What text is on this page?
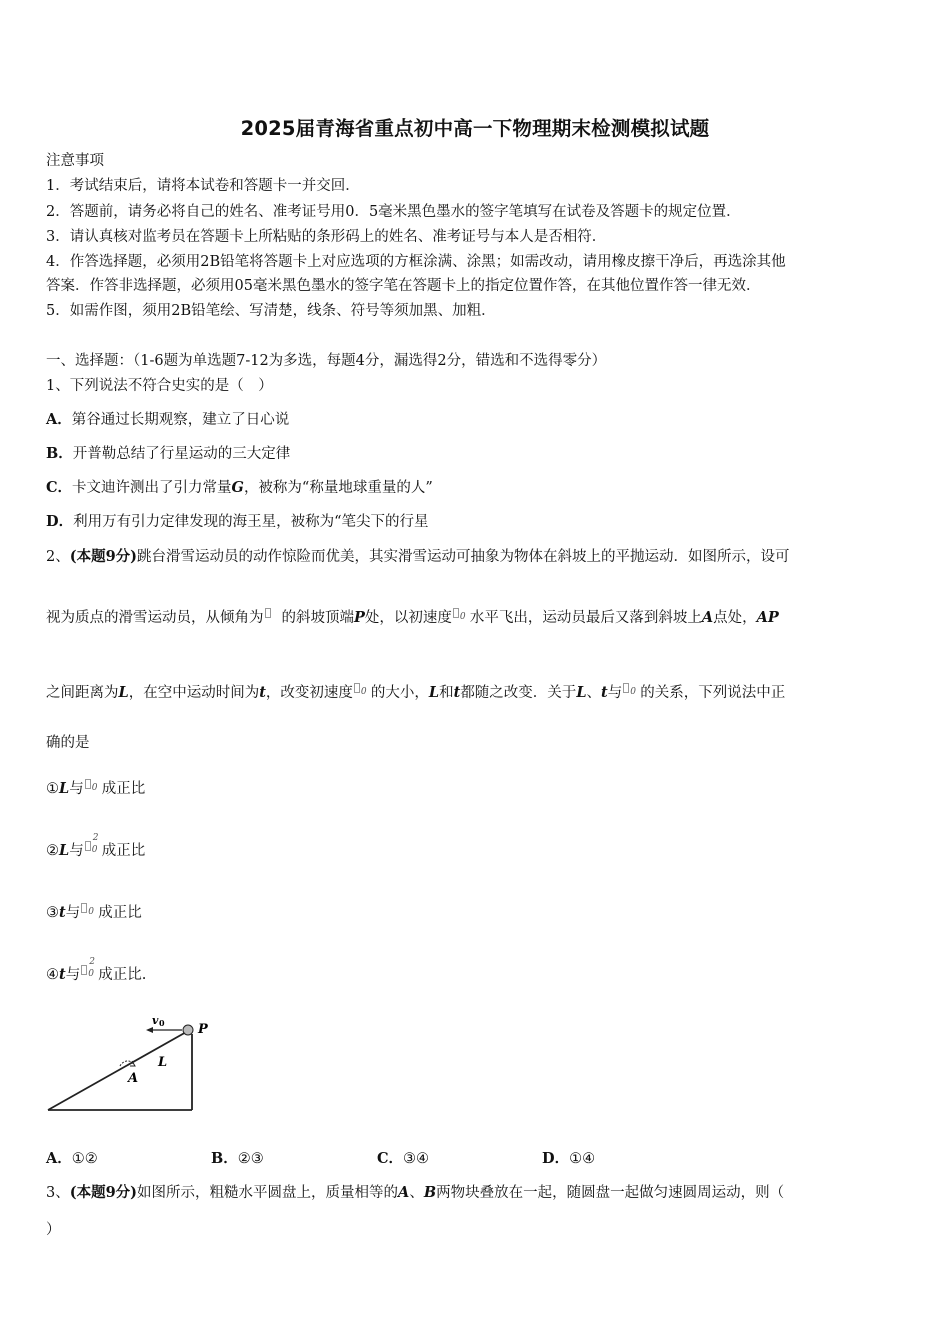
2025届青海省重点初中高一下物理期末检测模拟试题
注意事项
1．考试结束后，请将本试卷和答题卡一并交回．
2．答题前，请务必将自己的姓名、准考证号用0．5毫米黑色墨水的签字笔填写在试卷及答题卡的规定位置．
3．请认真核对监考员在答题卡上所粘贴的条形码上的姓名、准考证号与本人是否相符．
4．作答选择题，必须用2B铅笔将答题卡上对应选项的方框涂满、涂黑；如需改动，请用橡皮擦干净后，再选涂其他
答案．作答非选择题，必须用05毫米黑色墨水的签字笔在答题卡上的指定位置作答，在其他位置作答一律无效．
5．如需作图，须用2B铅笔绘、写清楚，线条、符号等须加黑、加粗．
一、选择题：（1-6题为单选题7-12为多选，每题4分，漏选得2分，错选和不选得零分）
1、下列说法不符合史实的是（　）
A．第谷通过长期观察，建立了日心说
B．开普勒总结了行星运动的三大定律
C．卡文迪许测出了引力常量G，被称为“称量地球重量的人”
D．利用万有引力定律发现的海王星，被称为“笔尖下的行星
2、(本题9分)跳台滑雪运动员的动作惊险而优美，其实滑雪运动可抽象为物体在斜坡上的平抛运动．如图所示，设可
视为质点的滑雪运动员，从倾角为 的斜坡顶端P处，以初速度 0 水平飞出，运动员最后又落到斜坡上A点处，AP
之间距离为L，在空中运动时间为t，改变初速度 0 的大小，L和t都随之改变．关于L、t与 0 的关系，下列说法中正
确的是
①L与 0 成正比
②L与
2
0 成正比
③t与 0 成正比
④t与
2
0 成正比.
v 0	P
L
A
A．①②	B．②③	C．③④	D．①④
3、(本题9分)如图所示，粗糙水平圆盘上，质量相等的A、B两物块叠放在一起，随圆盘一起做匀速圆周运动，则（
）
